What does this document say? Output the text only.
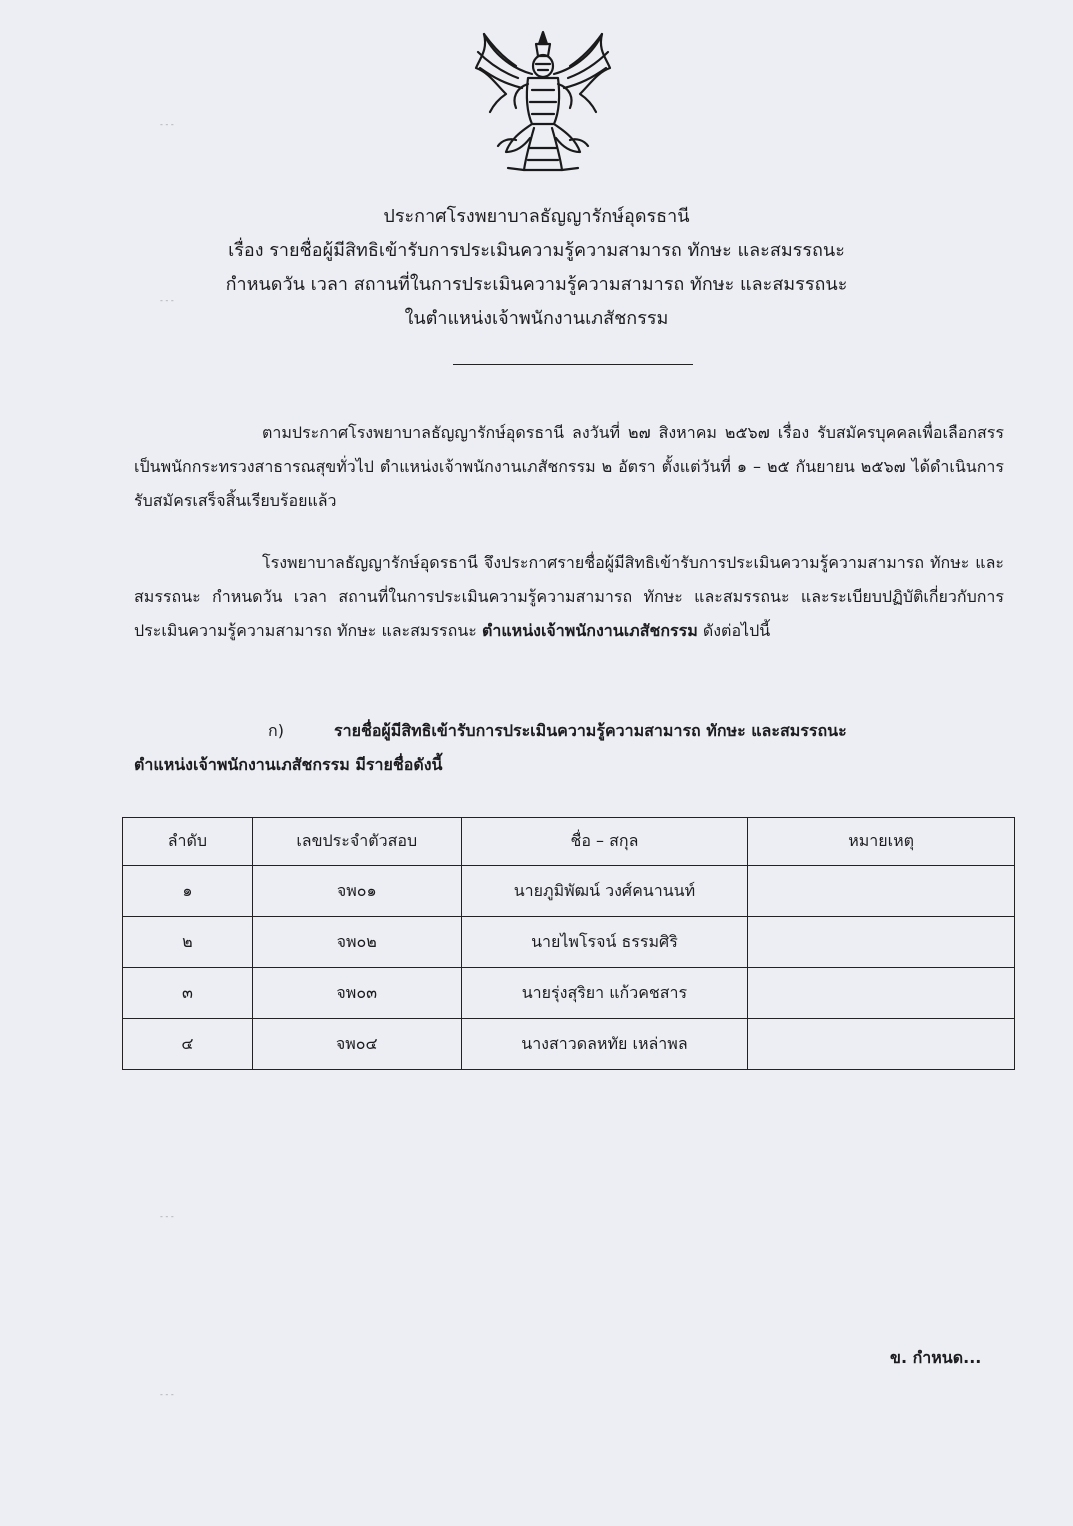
ประกาศโรงพยาบาลธัญญารักษ์อุดรธานี
เรื่อง รายชื่อผู้มีสิทธิเข้ารับการประเมินความรู้ความสามารถ ทักษะ และสมรรถนะ
กำหนดวัน เวลา สถานที่ในการประเมินความรู้ความสามารถ ทักษะ และสมรรถนะ
ในตำแหน่งเจ้าพนักงานเภสัชกรรม
ตามประกาศโรงพยาบาลธัญญารักษ์อุดรธานี ลงวันที่ ๒๗ สิงหาคม ๒๕๖๗ เรื่อง รับสมัครบุคคลเพื่อเลือกสรรเป็นพนักกระทรวงสาธารณสุขทั่วไป ตำแหน่งเจ้าพนักงานเภสัชกรรม ๒ อัตรา ตั้งแต่วันที่ ๑ – ๒๕ กันยายน ๒๕๖๗ ได้ดำเนินการรับสมัครเสร็จสิ้นเรียบร้อยแล้ว
โรงพยาบาลธัญญารักษ์อุดรธานี จึงประกาศรายชื่อผู้มีสิทธิเข้ารับการประเมินความรู้ความสามารถ ทักษะ และสมรรถนะ กำหนดวัน เวลา สถานที่ในการประเมินความรู้ความสามารถ ทักษะ และสมรรถนะ และระเบียบปฏิบัติเกี่ยวกับการประเมินความรู้ความสามารถ ทักษะ และสมรรถนะ ตำแหน่งเจ้าพนักงานเภสัชกรรม ดังต่อไปนี้
ก)	รายชื่อผู้มีสิทธิเข้ารับการประเมินความรู้ความสามารถ ทักษะ และสมรรถนะ
ตำแหน่งเจ้าพนักงานเภสัชกรรม มีรายชื่อดังนี้
ลำดับ	เลขประจำตัวสอบ	ชื่อ – สกุล	หมายเหตุ
๑	จพ๐๑	นายภูมิพัฒน์ วงศ์คนานนท์	
๒	จพ๐๒	นายไพโรจน์ ธรรมศิริ	
๓	จพ๐๓	นายรุ่งสุริยา แก้วคชสาร	
๔	จพ๐๔	นางสาวดลหทัย เหล่าพล	
ข. กำหนด...
- - -
- - -
- - -
- - -
